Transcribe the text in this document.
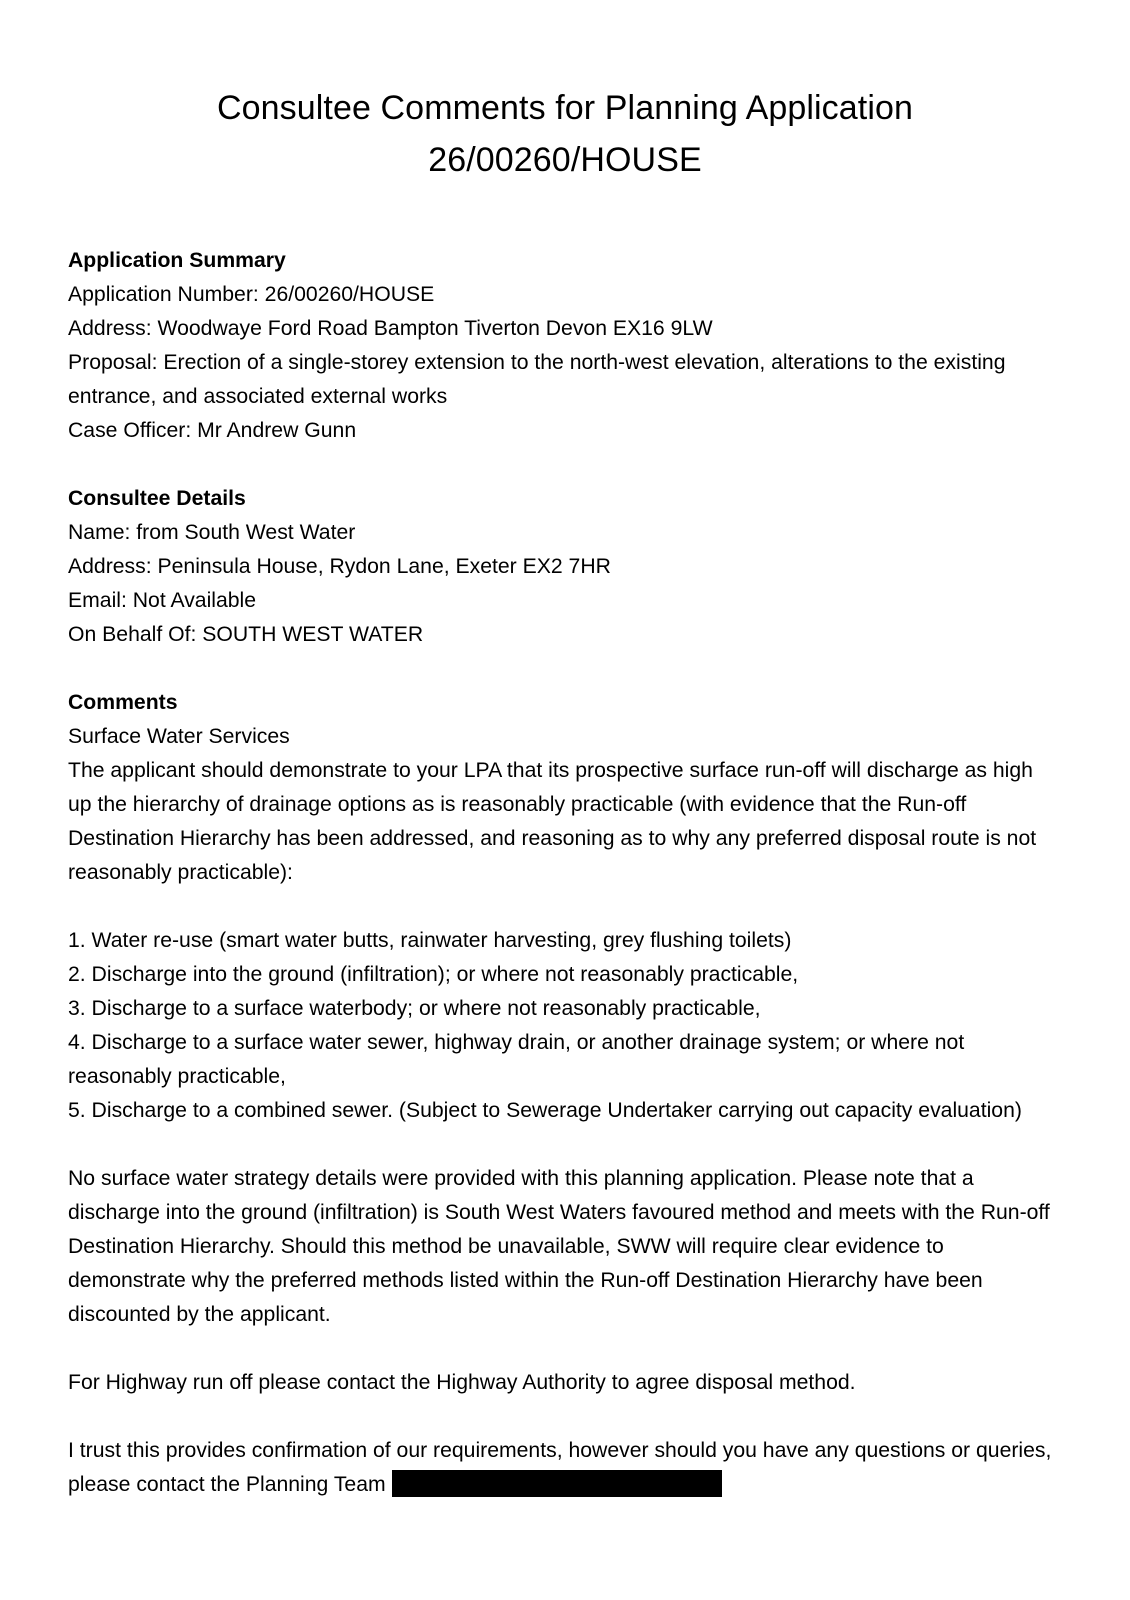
Consultee Comments for Planning Application
26/00260/HOUSE

Application Summary

Application Number: 26/00260/HOUSE

Address: Woodwaye Ford Road Bampton Tiverton Devon EX16 9LW

Proposal: Erection of a single-storey extension to the north-west elevation, alterations to the existing entrance, and associated external works

Case Officer: Mr Andrew Gunn

Consultee Details

Name: from South West Water

Address: Peninsula House, Rydon Lane, Exeter EX2 7HR

Email: Not Available

On Behalf Of: SOUTH WEST WATER

Comments

Surface Water Services

The applicant should demonstrate to your LPA that its prospective surface run-off will discharge as high up the hierarchy of drainage options as is reasonably practicable (with evidence that the Run-off Destination Hierarchy has been addressed, and reasoning as to why any preferred disposal route is not reasonably practicable):

1. Water re-use (smart water butts, rainwater harvesting, grey flushing toilets)

2. Discharge into the ground (infiltration); or where not reasonably practicable,

3. Discharge to a surface waterbody; or where not reasonably practicable,

4. Discharge to a surface water sewer, highway drain, or another drainage system; or where not reasonably practicable,

5. Discharge to a combined sewer. (Subject to Sewerage Undertaker carrying out capacity evaluation)

No surface water strategy details were provided with this planning application. Please note that a discharge into the ground (infiltration) is South West Waters favoured method and meets with the Run-off Destination Hierarchy. Should this method be unavailable, SWW will require clear evidence to demonstrate why the preferred methods listed within the Run-off Destination Hierarchy have been discounted by the applicant.

For Highway run off please contact the Highway Authority to agree disposal method.

I trust this provides confirmation of our requirements, however should you have any questions or queries, please contact the Planning Team
